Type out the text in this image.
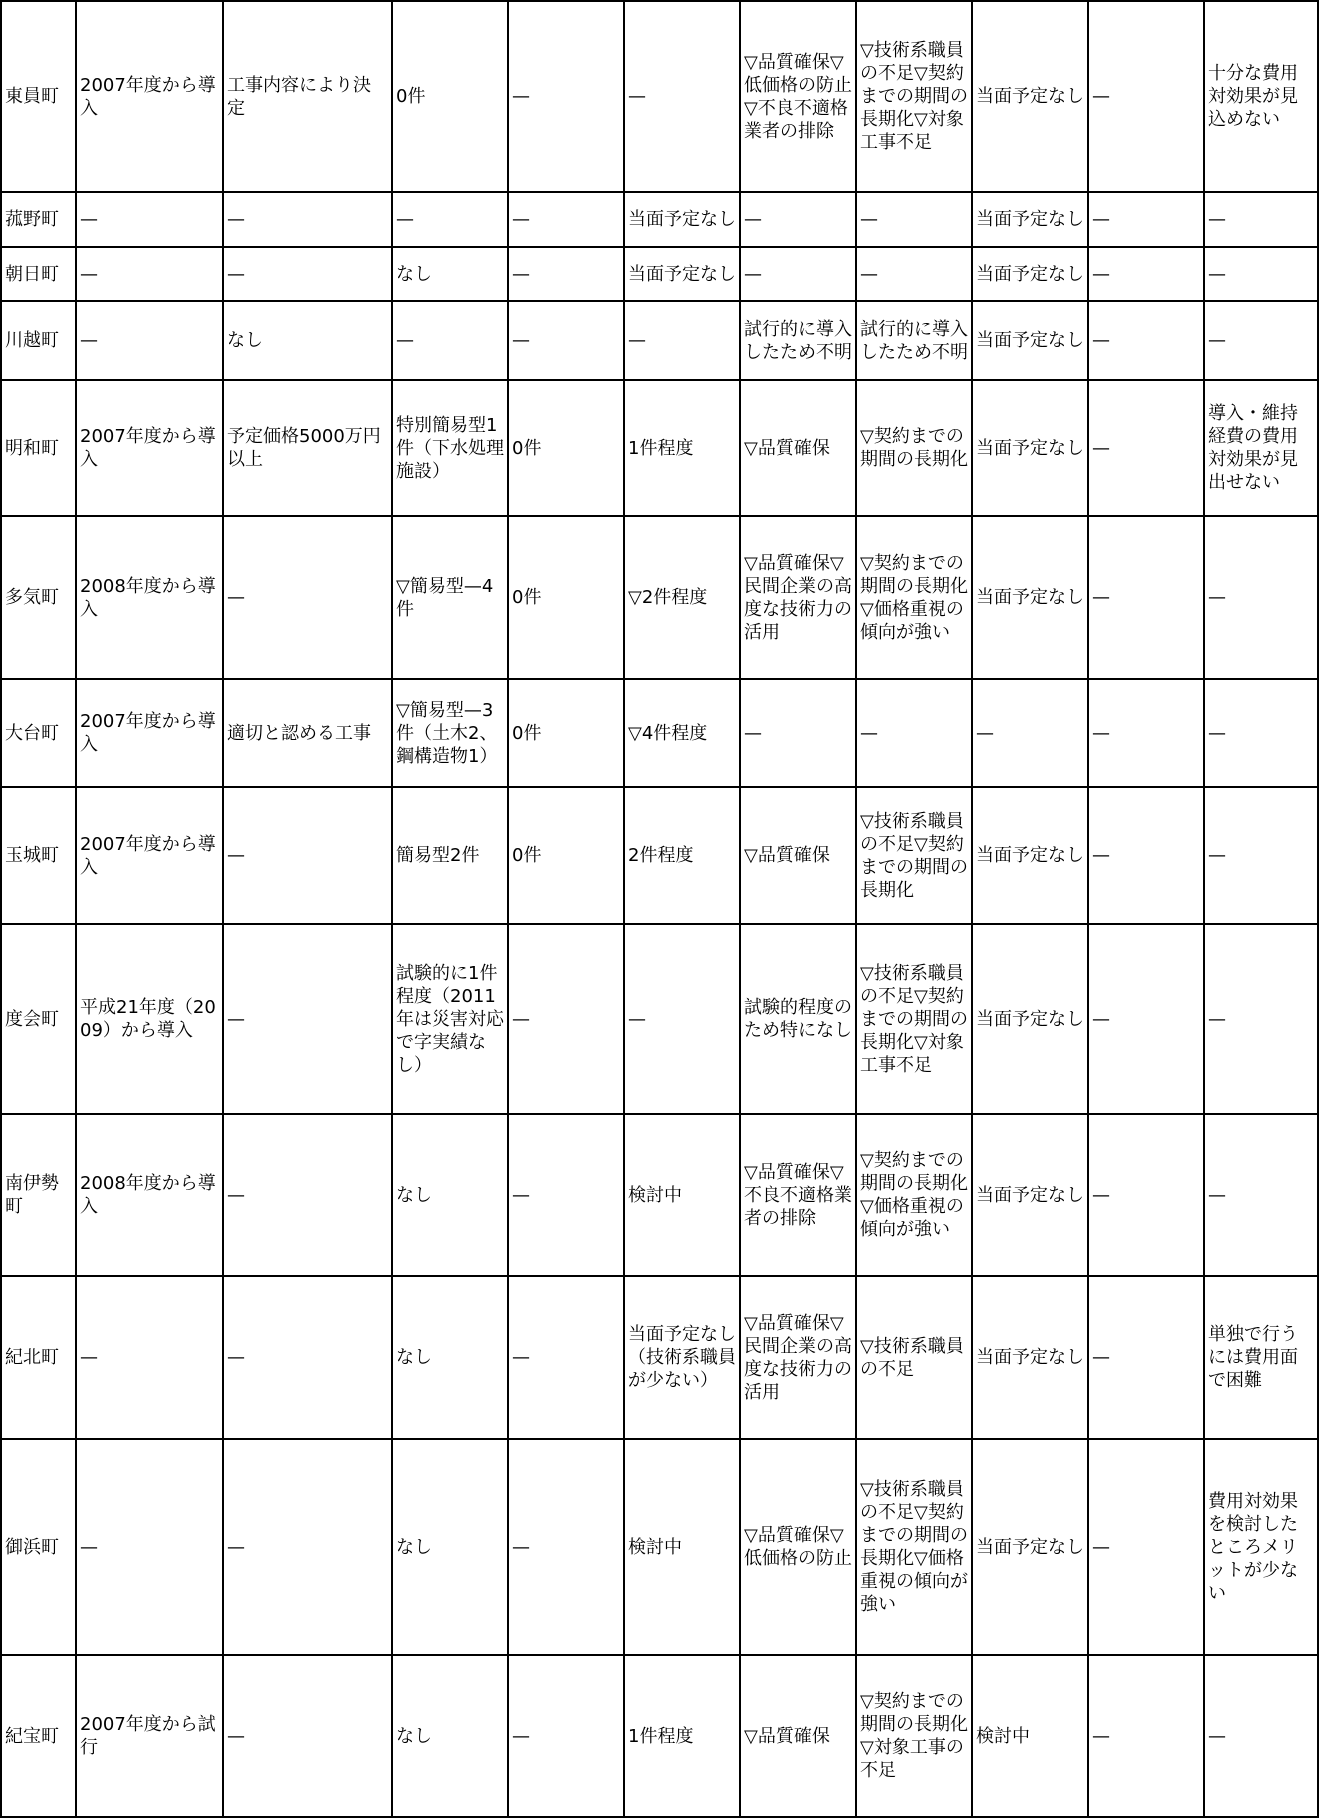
東員町	2007年度から導入	工事内容により決定	0件	—	—	▽品質確保▽低価格の防止▽不良不適格業者の排除	▽技術系職員の不足▽契約までの期間の長期化▽対象工事不足	当面予定なし	—	十分な費用対効果が見込めない
菰野町	—	—	—	—	当面予定なし	—	—	当面予定なし	—	—
朝日町	—	—	なし	—	当面予定なし	—	—	当面予定なし	—	—
川越町	—	なし	—	—	—	試行的に導入したため不明	試行的に導入したため不明	当面予定なし	—	—
明和町	2007年度から導入	予定価格5000万円以上	特別簡易型1件（下水処理施設）	0件	1件程度	▽品質確保	▽契約までの期間の長期化	当面予定なし	—	導入・維持経費の費用対効果が見出せない
多気町	2008年度から導入	—	▽簡易型—4件	0件	▽2件程度	▽品質確保▽民間企業の高度な技術力の活用	▽契約までの期間の長期化▽価格重視の傾向が強い	当面予定なし	—	—
大台町	2007年度から導入	適切と認める工事	▽簡易型—3件（土木2、鋼構造物1）	0件	▽4件程度	—	—	—	—	—
玉城町	2007年度から導入	—	簡易型2件	0件	2件程度	▽品質確保	▽技術系職員の不足▽契約までの期間の長期化	当面予定なし	—	—
度会町	平成21年度（2009）から導入	—	試験的に1件程度（2011年は災害対応で字実績なし）	—	—	試験的程度のため特になし	▽技術系職員の不足▽契約までの期間の長期化▽対象工事不足	当面予定なし	—	—
南伊勢町	2008年度から導入	—	なし	—	検討中	▽品質確保▽不良不適格業者の排除	▽契約までの期間の長期化▽価格重視の傾向が強い	当面予定なし	—	—
紀北町	—	—	なし	—	当面予定なし（技術系職員が少ない）	▽品質確保▽民間企業の高度な技術力の活用	▽技術系職員の不足	当面予定なし	—	単独で行うには費用面で困難
御浜町	—	—	なし	—	検討中	▽品質確保▽低価格の防止	▽技術系職員の不足▽契約までの期間の長期化▽価格重視の傾向が強い	当面予定なし	—	費用対効果を検討したところメリットが少ない
紀宝町	2007年度から試行	—	なし	—	1件程度	▽品質確保	▽契約までの期間の長期化▽対象工事の不足	検討中	—	—
